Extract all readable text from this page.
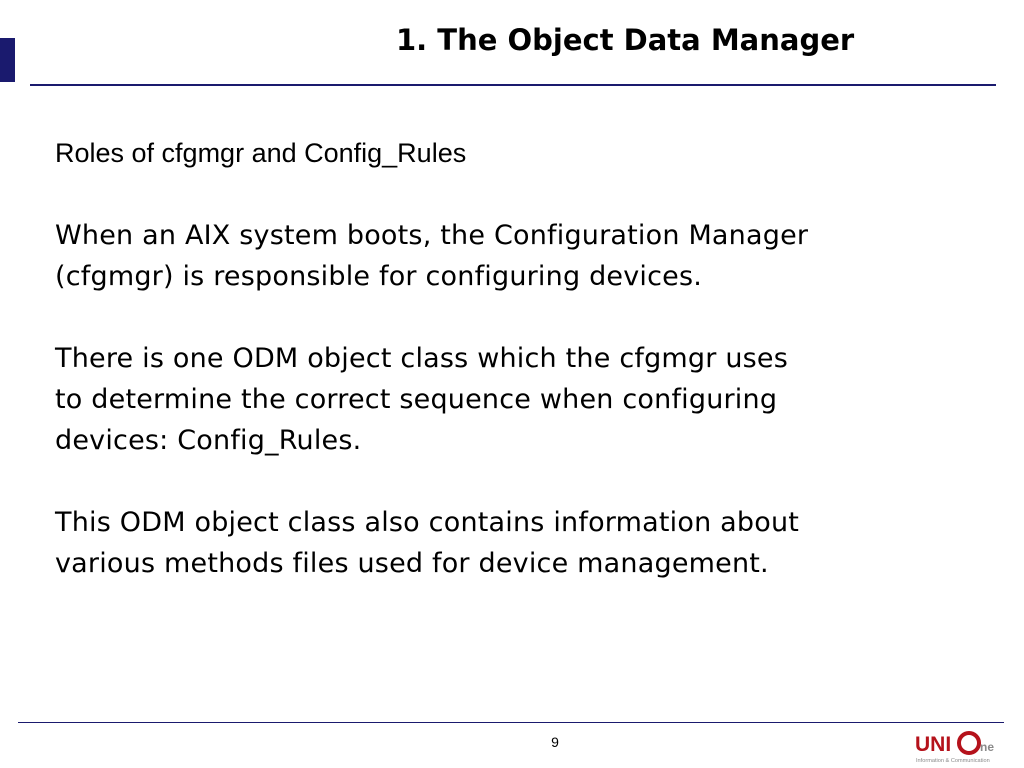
1. The Object Data Manager
Roles of cfgmgr and Config_Rules
When an AIX system boots, the Configuration Manager
(cfgmgr) is responsible for configuring devices.
There is one ODM object class which the cfgmgr uses
to determine the correct sequence when configuring
devices: Config_Rules.
This ODM object class also contains information about
various methods files used for device management.
9	UNI ne
Information & Communication
